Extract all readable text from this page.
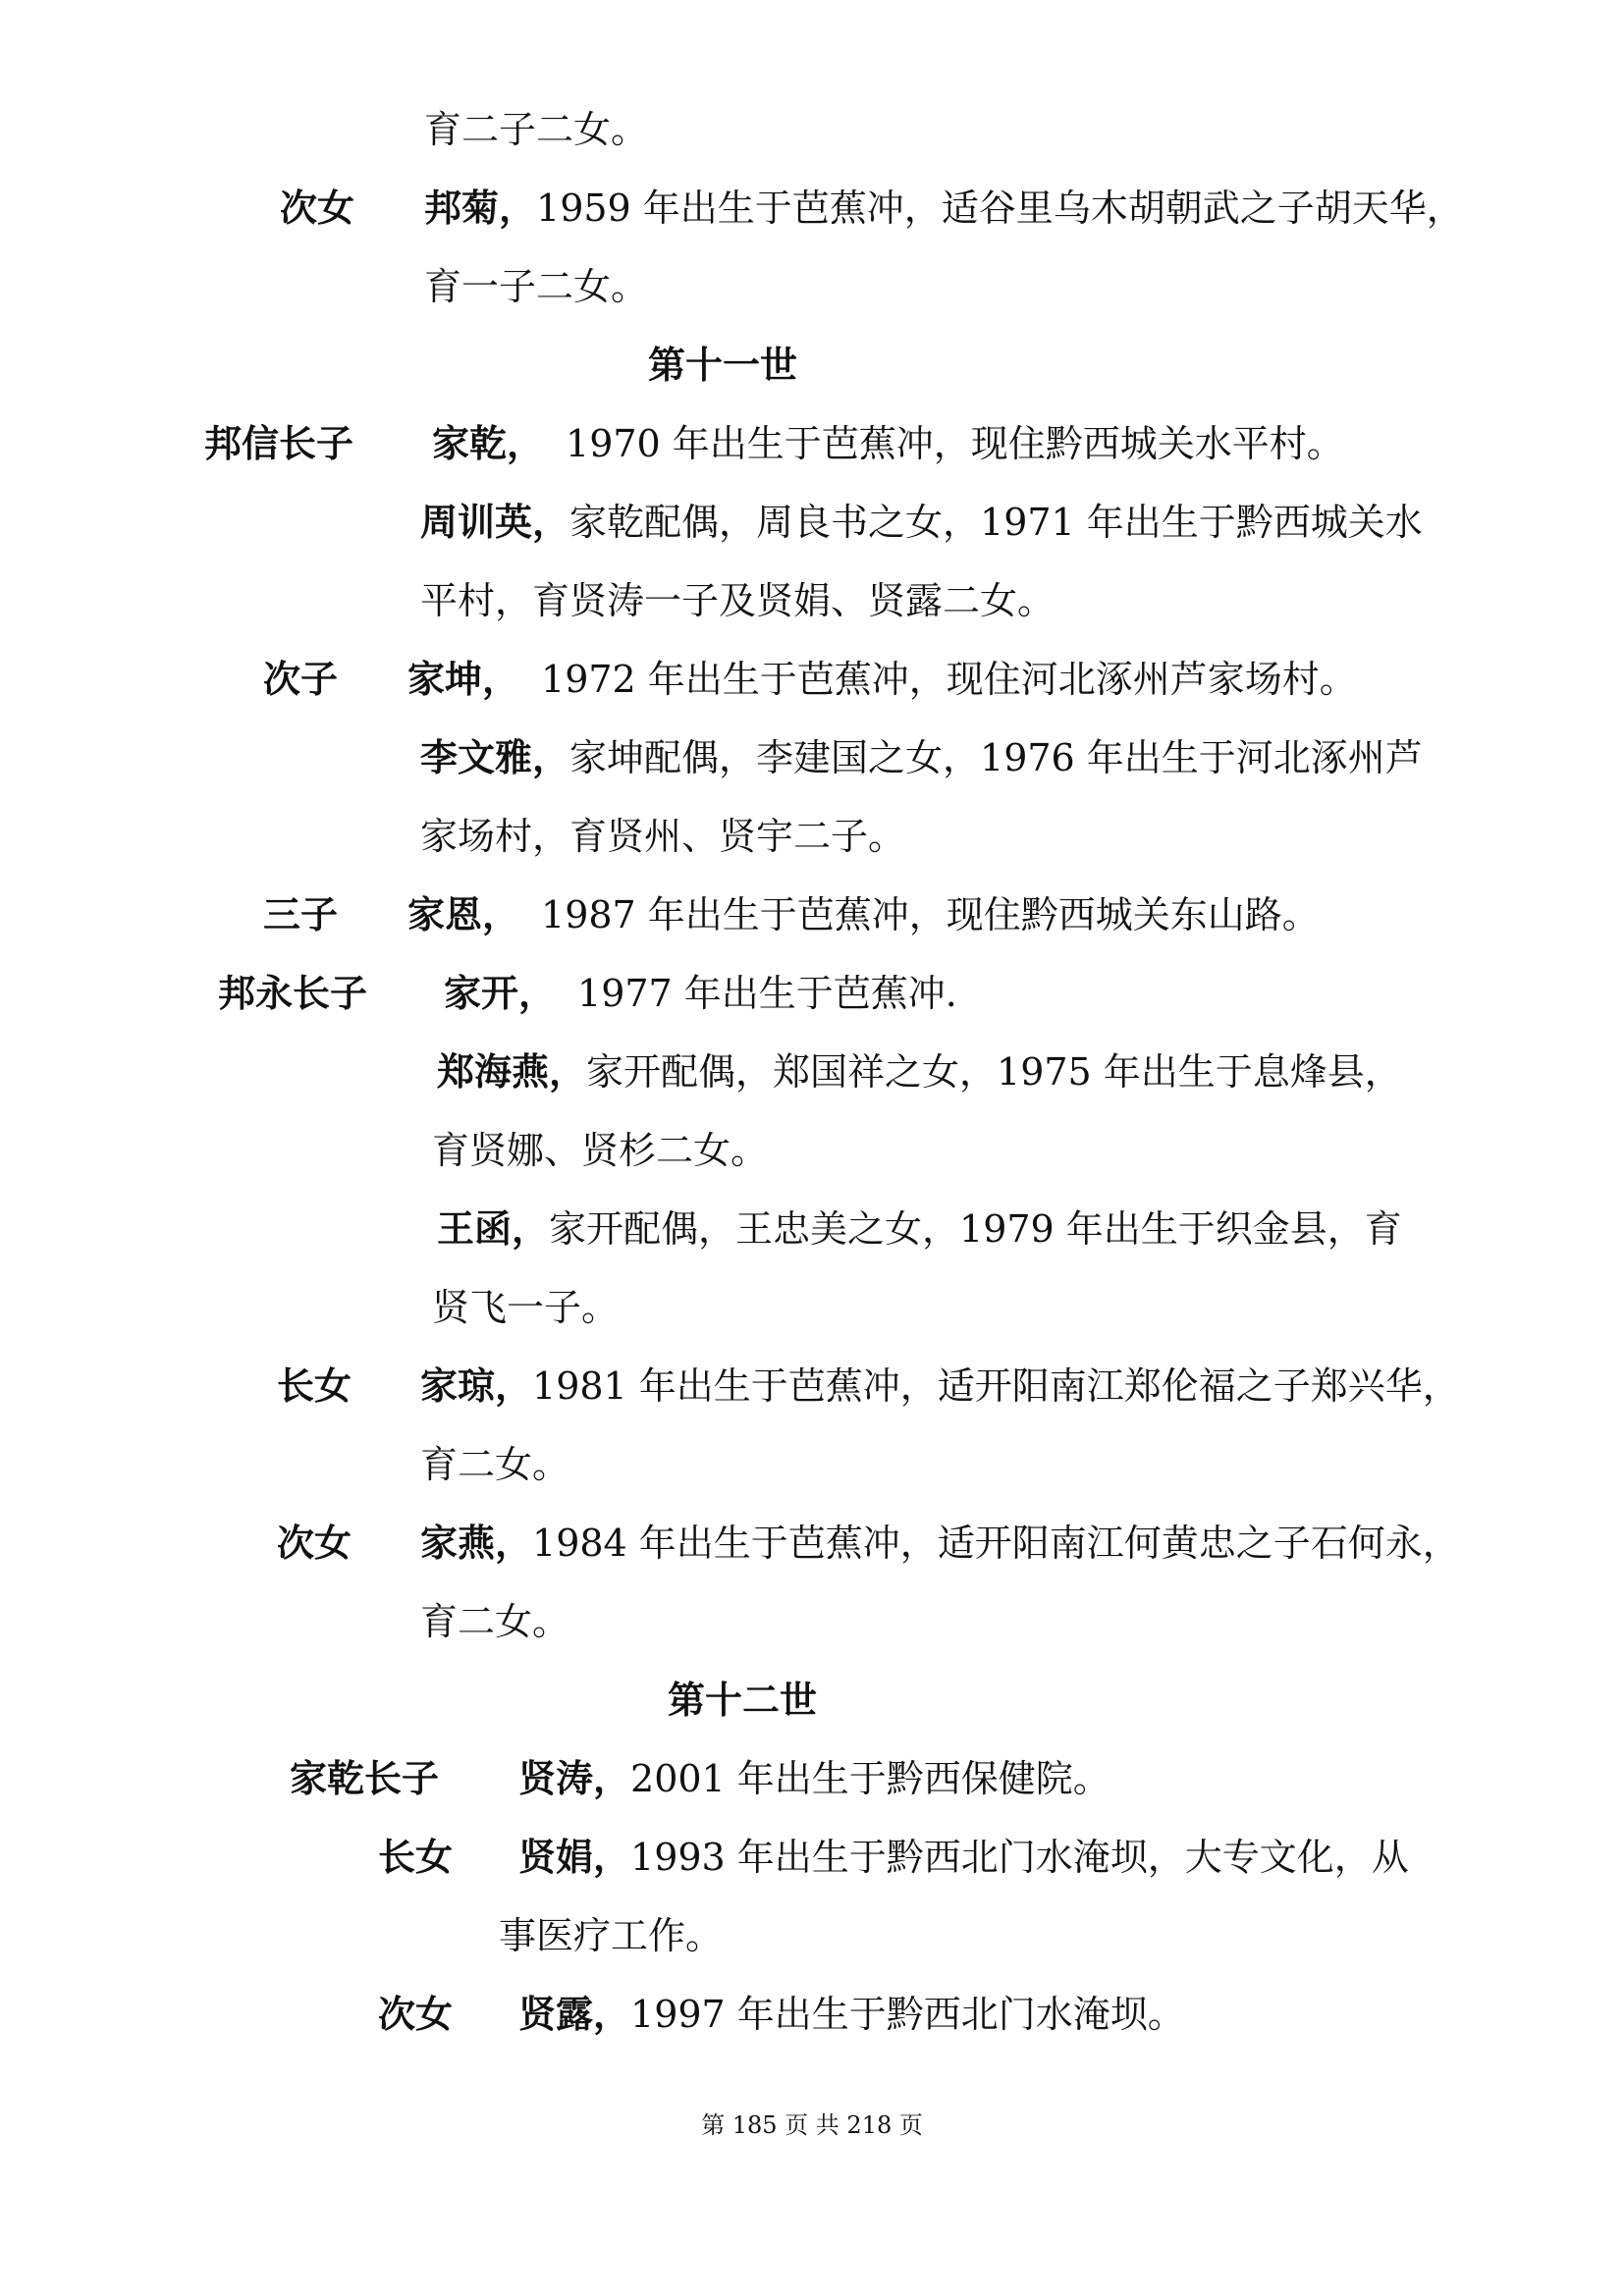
育二子二女。
次女 邦菊，1959 年出生于芭蕉冲，适谷里乌木胡朝武之子胡天华，
育一子二女。
第十一世
邦信长子 家乾， 1970 年出生于芭蕉冲，现住黔西城关水平村。
周训英，家乾配偶，周良书之女，1971 年出生于黔西城关水
平村，育贤涛一子及贤娟、贤露二女。
次子 家坤， 1972 年出生于芭蕉冲，现住河北涿州芦家场村。
李文雅，家坤配偶，李建国之女，1976 年出生于河北涿州芦
家场村，育贤州、贤宇二子。
三子 家恩， 1987 年出生于芭蕉冲，现住黔西城关东山路。
邦永长子 家开， 1977 年出生于芭蕉冲.
郑海燕，家开配偶，郑国祥之女，1975 年出生于息烽县，
育贤娜、贤杉二女。
王函，家开配偶，王忠美之女，1979 年出生于织金县，育
贤飞一子。
长女 家琼，1981 年出生于芭蕉冲，适开阳南江郑伦福之子郑兴华，
育二女。
次女 家燕，1984 年出生于芭蕉冲，适开阳南江何黄忠之子石何永，
育二女。
第十二世
家乾长子 贤涛，2001 年出生于黔西保健院。
长女 贤娟，1993 年出生于黔西北门水淹坝，大专文化，从
事医疗工作。
次女 贤露，1997 年出生于黔西北门水淹坝。
第 185 页 共 218 页
